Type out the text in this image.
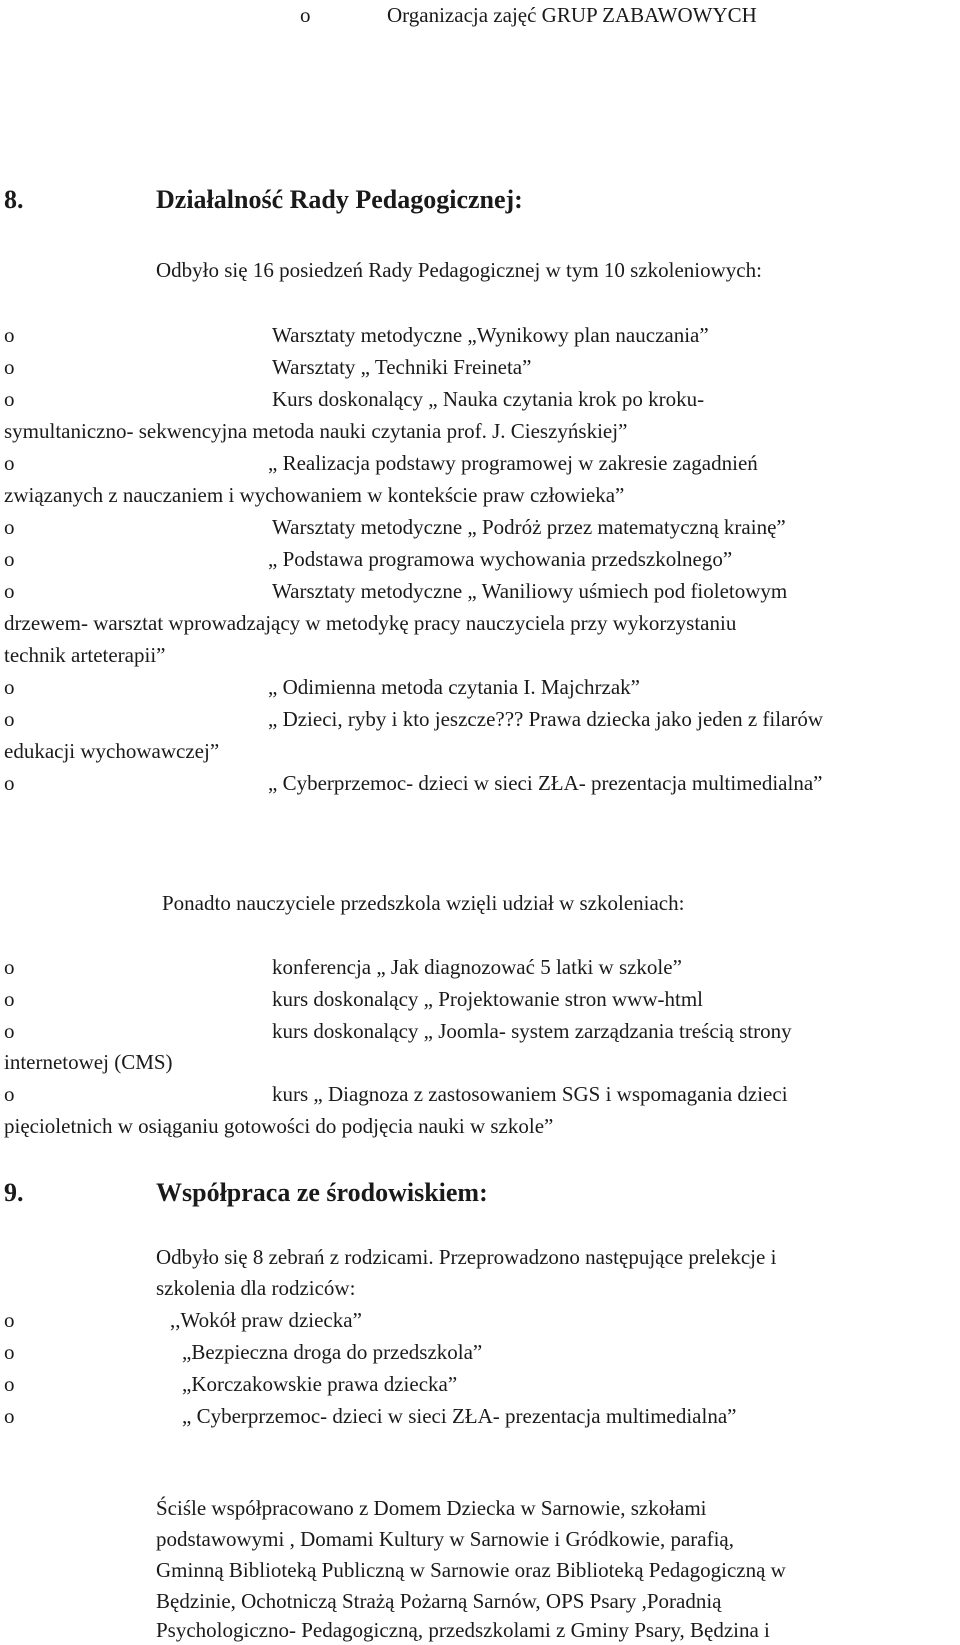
o	Organizacja zajęć GRUP ZABAWOWYCH
8.	Działalność Rady Pedagogicznej:
Odbyło się 16 posiedzeń Rady Pedagogicznej w tym 10 szkoleniowych:
o	Warsztaty metodyczne „Wynikowy plan nauczania”
o	Warsztaty „ Techniki Freineta”
o	Kurs doskonalący „ Nauka czytania krok po kroku-
symultaniczno- sekwencyjna metoda nauki czytania prof. J. Cieszyńskiej”
o	„ Realizacja podstawy programowej w zakresie zagadnień
związanych z nauczaniem i wychowaniem w kontekście praw człowieka”
o	Warsztaty metodyczne „ Podróż przez matematyczną krainę”
o	„ Podstawa programowa wychowania przedszkolnego”
o	Warsztaty metodyczne „ Waniliowy uśmiech pod fioletowym
drzewem- warsztat wprowadzający w metodykę pracy nauczyciela przy wykorzystaniu
technik arteterapii”
o	„ Odimienna metoda czytania I. Majchrzak”
o	„ Dzieci, ryby i kto jeszcze??? Prawa dziecka jako jeden z filarów
edukacji wychowawczej”
o	„ Cyberprzemoc- dzieci w sieci ZŁA- prezentacja multimedialna”
Ponadto nauczyciele przedszkola wzięli udział w szkoleniach:
o	konferencja „ Jak diagnozować 5 latki w szkole”
o	kurs doskonalący „ Projektowanie stron www-html
o	kurs doskonalący „ Joomla- system zarządzania treścią strony
internetowej (CMS)
o	kurs „ Diagnoza z zastosowaniem SGS i wspomagania dzieci
pięcioletnich w osiąganiu gotowości do podjęcia nauki w szkole”
9.	Współpraca ze środowiskiem:
Odbyło się 8 zebrań z rodzicami. Przeprowadzono następujące prelekcje i
szkolenia dla rodziców:
o	,,Wokół praw dziecka”
o	„Bezpieczna droga do przedszkola”
o	„Korczakowskie prawa dziecka”
o	„ Cyberprzemoc- dzieci w sieci ZŁA- prezentacja multimedialna”
Ściśle współpracowano z Domem Dziecka w Sarnowie, szkołami
podstawowymi , Domami Kultury w Sarnowie i Gródkowie, parafią,
Gminną Biblioteką Publiczną w Sarnowie oraz Biblioteką Pedagogiczną w
Będzinie, Ochotniczą Strażą Pożarną Sarnów, OPS Psary ,Poradnią
Psychologiczno- Pedagogiczną, przedszkolami z Gminy Psary, Będzina i
